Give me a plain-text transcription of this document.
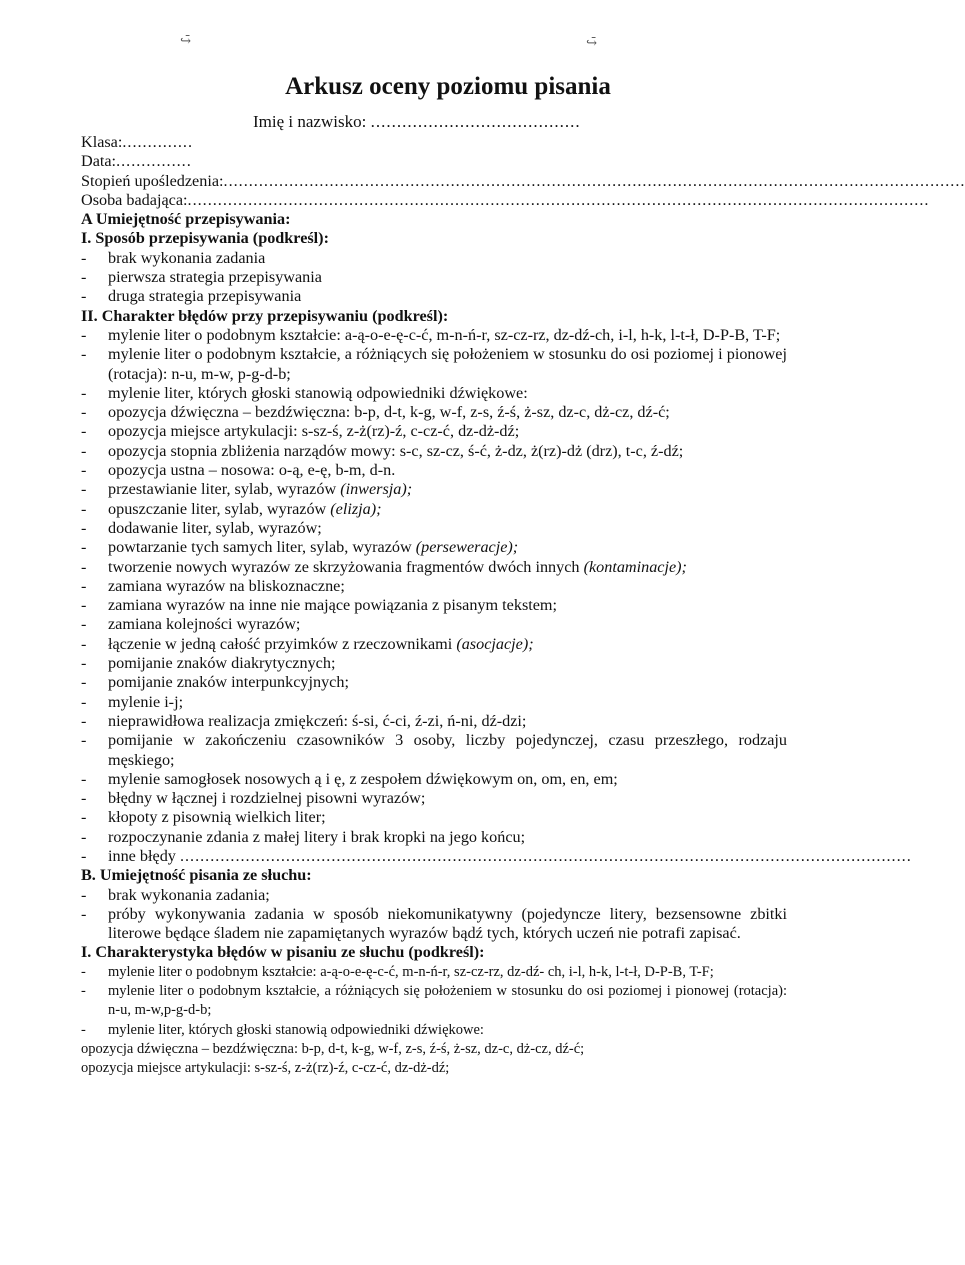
↪̄	↪̄
Arkusz oceny poziomu pisania
Imię i nazwisko: ........................................
Klasa: ..............
Data: ...............
Stopień upośledzenia: ...................................................................................................................................................
Osoba badająca: ...................................................................................................................................................
A Umiejętność przepisywania:
I. Sposób przepisywania (podkreśl):
-	brak wykonania zadania
-	pierwsza strategia przepisywania
-	druga strategia przepisywania
II. Charakter błędów przy przepisywaniu (podkreśl):
-	mylenie liter o podobnym kształcie: a-ą-o-e-ę-c-ć, m-n-ń-r, sz-cz-rz, dz-dź-ch, i-l, h-k, l-t-ł, D-P-B, T-F;
-	mylenie liter o podobnym kształcie, a różniących się położeniem w stosunku do osi poziomej i pionowej (rotacja): n-u, m-w, p-g-d-b;
-	mylenie liter, których głoski stanowią odpowiedniki dźwiękowe:
-	opozycja dźwięczna – bezdźwięczna: b-p, d-t, k-g, w-f, z-s, ź-ś, ż-sz, dz-c, dż-cz, dź-ć;
-	opozycja miejsce artykulacji: s-sz-ś, z-ż(rz)-ź, c-cz-ć, dz-dż-dź;
-	opozycja stopnia zbliżenia narządów mowy: s-c, sz-cz, ś-ć, ż-dz, ż(rz)-dż (drz), t-c, ź-dź;
-	opozycja ustna – nosowa: o-ą, e-ę, b-m, d-n.
-	przestawianie liter, sylab, wyrazów (inwersja);
-	opuszczanie liter, sylab, wyrazów (elizja);
-	dodawanie liter, sylab, wyrazów;
-	powtarzanie tych samych liter, sylab, wyrazów (perseweracje);
-	tworzenie nowych wyrazów ze skrzyżowania fragmentów dwóch innych (kontaminacje);
-	zamiana wyrazów na bliskoznaczne;
-	zamiana wyrazów na inne nie mające powiązania z pisanym tekstem;
-	zamiana kolejności wyrazów;
-	łączenie w jedną całość przyimków z rzeczownikami (asocjacje);
-	pomijanie znaków diakrytycznych;
-	pomijanie znaków interpunkcyjnych;
-	mylenie i-j;
-	nieprawidłowa realizacja zmiękczeń: ś-si, ć-ci, ź-zi, ń-ni, dź-dzi;
-	pomijanie w zakończeniu czasowników 3 osoby, liczby pojedynczej, czasu przeszłego, rodzaju męskiego;
-	mylenie samogłosek nosowych ą i ę, z zespołem dźwiękowym on, om, en, em;
-	błędny w łącznej i rozdzielnej pisowni wyrazów;
-	kłopoty z pisownią wielkich liter;
-	rozpoczynanie zdania z małej litery i brak kropki na jego końcu;
-	inne błędy .................................................................................................................................................
B. Umiejętność pisania ze słuchu:
-	brak wykonania zadania;
-	próby wykonywania zadania w sposób niekomunikatywny (pojedyncze litery, bezsensowne zbitki literowe będące śladem nie zapamiętanych wyrazów bądź tych, których uczeń nie potrafi zapisać.
I. Charakterystyka błędów w pisaniu ze słuchu (podkreśl):
-	mylenie liter o podobnym kształcie: a-ą-o-e-ę-c-ć, m-n-ń-r, sz-cz-rz, dz-dź- ch, i-l, h-k, l-t-ł, D-P-B, T-F;
-	mylenie liter o podobnym kształcie, a różniących się położeniem w stosunku do osi poziomej i pionowej (rotacja): n-u, m-w,p-g-d-b;
-	mylenie liter, których głoski stanowią odpowiedniki dźwiękowe:
opozycja dźwięczna – bezdźwięczna: b-p, d-t, k-g, w-f, z-s, ź-ś, ż-sz, dz-c, dż-cz, dź-ć;
opozycja miejsce artykulacji: s-sz-ś, z-ż(rz)-ź, c-cz-ć, dz-dż-dź;
